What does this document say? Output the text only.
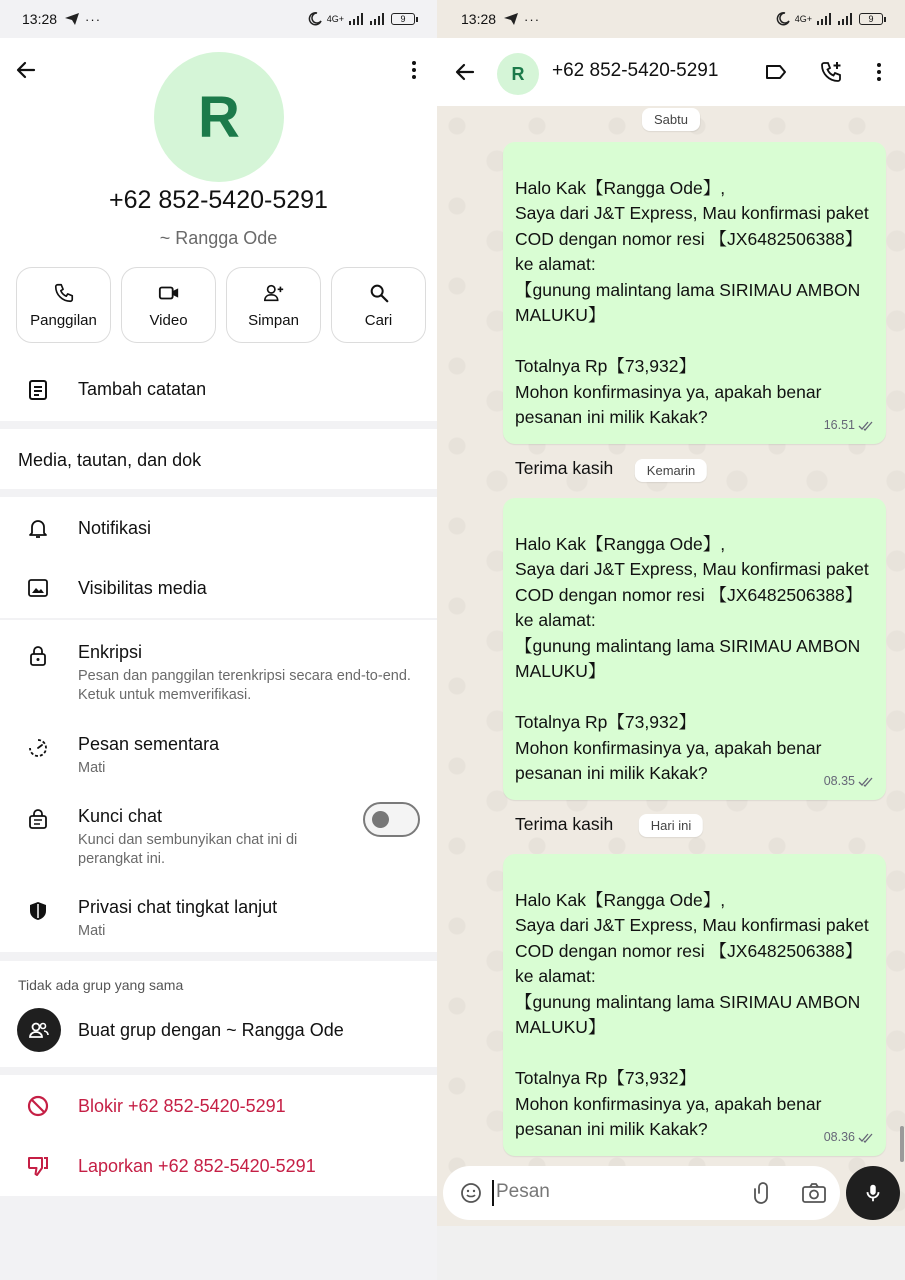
13:28 ···	4G+	9
R
+62 852-5420-5291
~ Rangga Ode
Panggilan	Video	Simpan	Cari
Tambah catatan
Media, tautan, dan dok
Notifikasi
Visibilitas media
Enkripsi
Pesan dan panggilan terenkripsi secara end-to-end. Ketuk untuk memverifikasi.
Pesan sementara
Mati
Kunci chat
Kunci dan sembunyikan chat ini di perangkat ini.
Privasi chat tingkat lanjut
Mati
Tidak ada grup yang sama
Buat grup dengan ~ Rangga Ode
Blokir +62 852-5420-5291
Laporkan +62 852-5420-5291
13:28 ···	4G+	9
R	+62 852-5420-5291
Sabtu

Halo Kak【Rangga Ode】,
Saya dari J&T Express, Mau konfirmasi paket COD dengan nomor resi 【JX6482506388】ke alamat:
【gunung malintang lama SIRIMAU AMBON MALUKU】

Totalnya Rp【73,932】
Mohon konfirmasinya ya, apakah benar pesanan ini milik Kakak?

Terima kasih

16.51

Kemarin

Halo Kak【Rangga Ode】,
Saya dari J&T Express, Mau konfirmasi paket COD dengan nomor resi 【JX6482506388】ke alamat:
【gunung malintang lama SIRIMAU AMBON MALUKU】

Totalnya Rp【73,932】
Mohon konfirmasinya ya, apakah benar pesanan ini milik Kakak?

Terima kasih

08.35

Hari ini

Halo Kak【Rangga Ode】,
Saya dari J&T Express, Mau konfirmasi paket COD dengan nomor resi 【JX6482506388】ke alamat:
【gunung malintang lama SIRIMAU AMBON MALUKU】

Totalnya Rp【73,932】
Mohon konfirmasinya ya, apakah benar pesanan ini milik Kakak?	08.36

Pesan
